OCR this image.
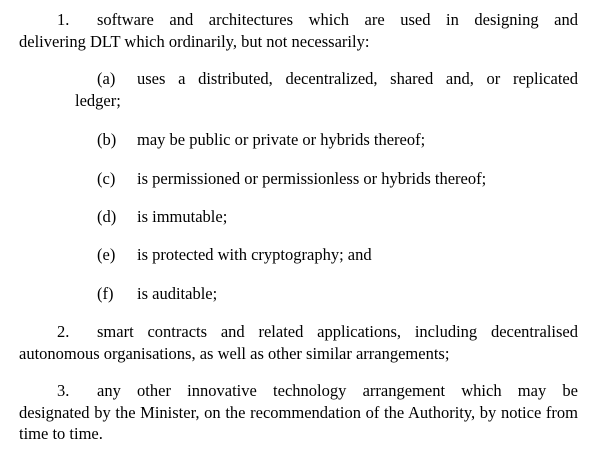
1. software and architectures which are used in designing and
delivering DLT which ordinarily, but not necessarily:
(a) uses a distributed, decentralized, shared and, or replicated
ledger;
(b) may be public or private or hybrids thereof;
(c) is permissioned or permissionless or hybrids thereof;
(d) is immutable;
(e) is protected with cryptography; and
(f) is auditable;
2. smart contracts and related applications, including decentralised
autonomous organisations, as well as other similar arrangements;
3. any other innovative technology arrangement which may be
designated by the Minister, on the recommendation of the Authority, by notice from time to time.
